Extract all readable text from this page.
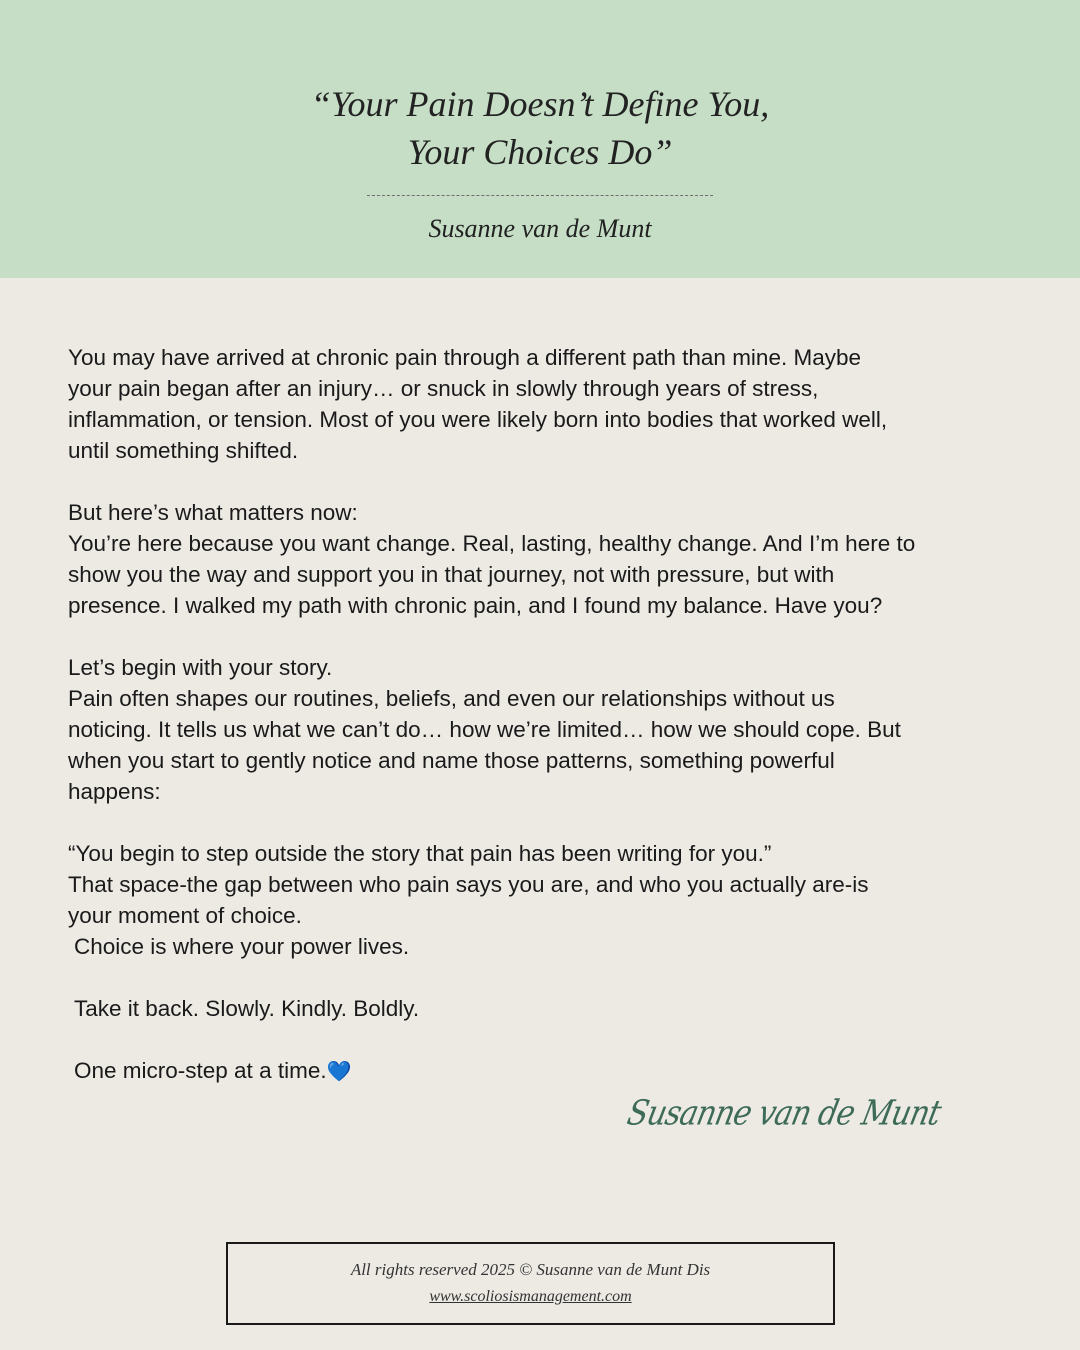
“Your Pain Doesn’t Define You,
Your Choices Do”
Susanne van de Munt

You may have arrived at chronic pain through a different path than mine. Maybe
your pain began after an injury… or snuck in slowly through years of stress,
inflammation, or tension. Most of you were likely born into bodies that worked well,
until something shifted.

But here’s what matters now:
You’re here because you want change. Real, lasting, healthy change. And I’m here to
show you the way and support you in that journey, not with pressure, but with
presence. I walked my path with chronic pain, and I found my balance. Have you?

Let’s begin with your story.
Pain often shapes our routines, beliefs, and even our relationships without us
noticing. It tells us what we can’t do… how we’re limited… how we should cope. But
when you start to gently notice and name those patterns, something powerful
happens:

“You begin to step outside the story that pain has been writing for you.”
That space-the gap between who pain says you are, and who you actually are-is
your moment of choice.

Choice is where your power lives.

Take it back. Slowly. Kindly. Boldly.

One micro-step at a time.💙

Susanne van de Munt
All rights reserved 2025 © Susanne van de Munt Dis
www.scoliosismanagement.com
